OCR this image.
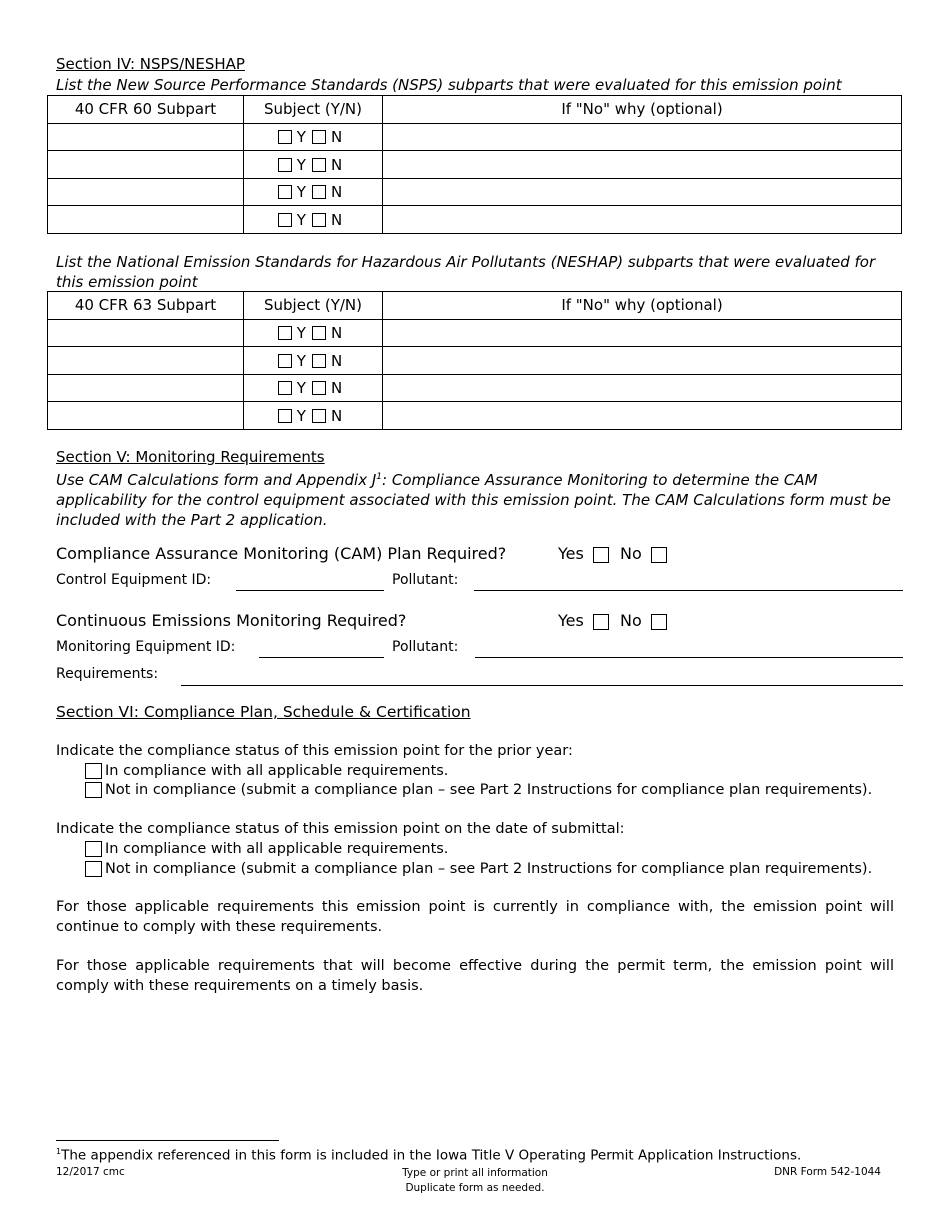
Section IV: NSPS/NESHAP
List the New Source Performance Standards (NSPS) subparts that were evaluated for this emission point
40 CFR 60 Subpart	Subject (Y/N)	If "No" why (optional)
	Y N	
	Y N	
	Y N	
	Y N	
List the National Emission Standards for Hazardous Air Pollutants (NESHAP) subparts that were evaluated for this emission point
40 CFR 63 Subpart	Subject (Y/N)	If "No" why (optional)
	Y N	
	Y N	
	Y N	
	Y N	
Section V: Monitoring Requirements
Use CAM Calculations form and Appendix $J^1$: Compliance Assurance Monitoring to determine the CAM applicability for the control equipment associated with this emission point. The CAM Calculations form must be included with the Part 2 application.
Compliance Assurance Monitoring (CAM) Plan Required?	Yes No
Control Equipment ID:	Pollutant:
Continuous Emissions Monitoring Required?	Yes No
Monitoring Equipment ID:	Pollutant:
Requirements:
Section VI: Compliance Plan, Schedule & Certification
Indicate the compliance status of this emission point for the prior year:
In compliance with all applicable requirements.
Not in compliance (submit a compliance plan – see Part 2 Instructions for compliance plan requirements).
Indicate the compliance status of this emission point on the date of submittal:
In compliance with all applicable requirements.
Not in compliance (submit a compliance plan – see Part 2 Instructions for compliance plan requirements).
For those applicable requirements this emission point is currently in compliance with, the emission point will continue to comply with these requirements.
For those applicable requirements that will become effective during the permit term, the emission point will comply with these requirements on a timely basis.
$^1$The appendix referenced in this form is included in the Iowa Title V Operating Permit Application Instructions.
12/2017 cmc	Type or print all information
Duplicate form as needed.
DNR Form 542-1044
